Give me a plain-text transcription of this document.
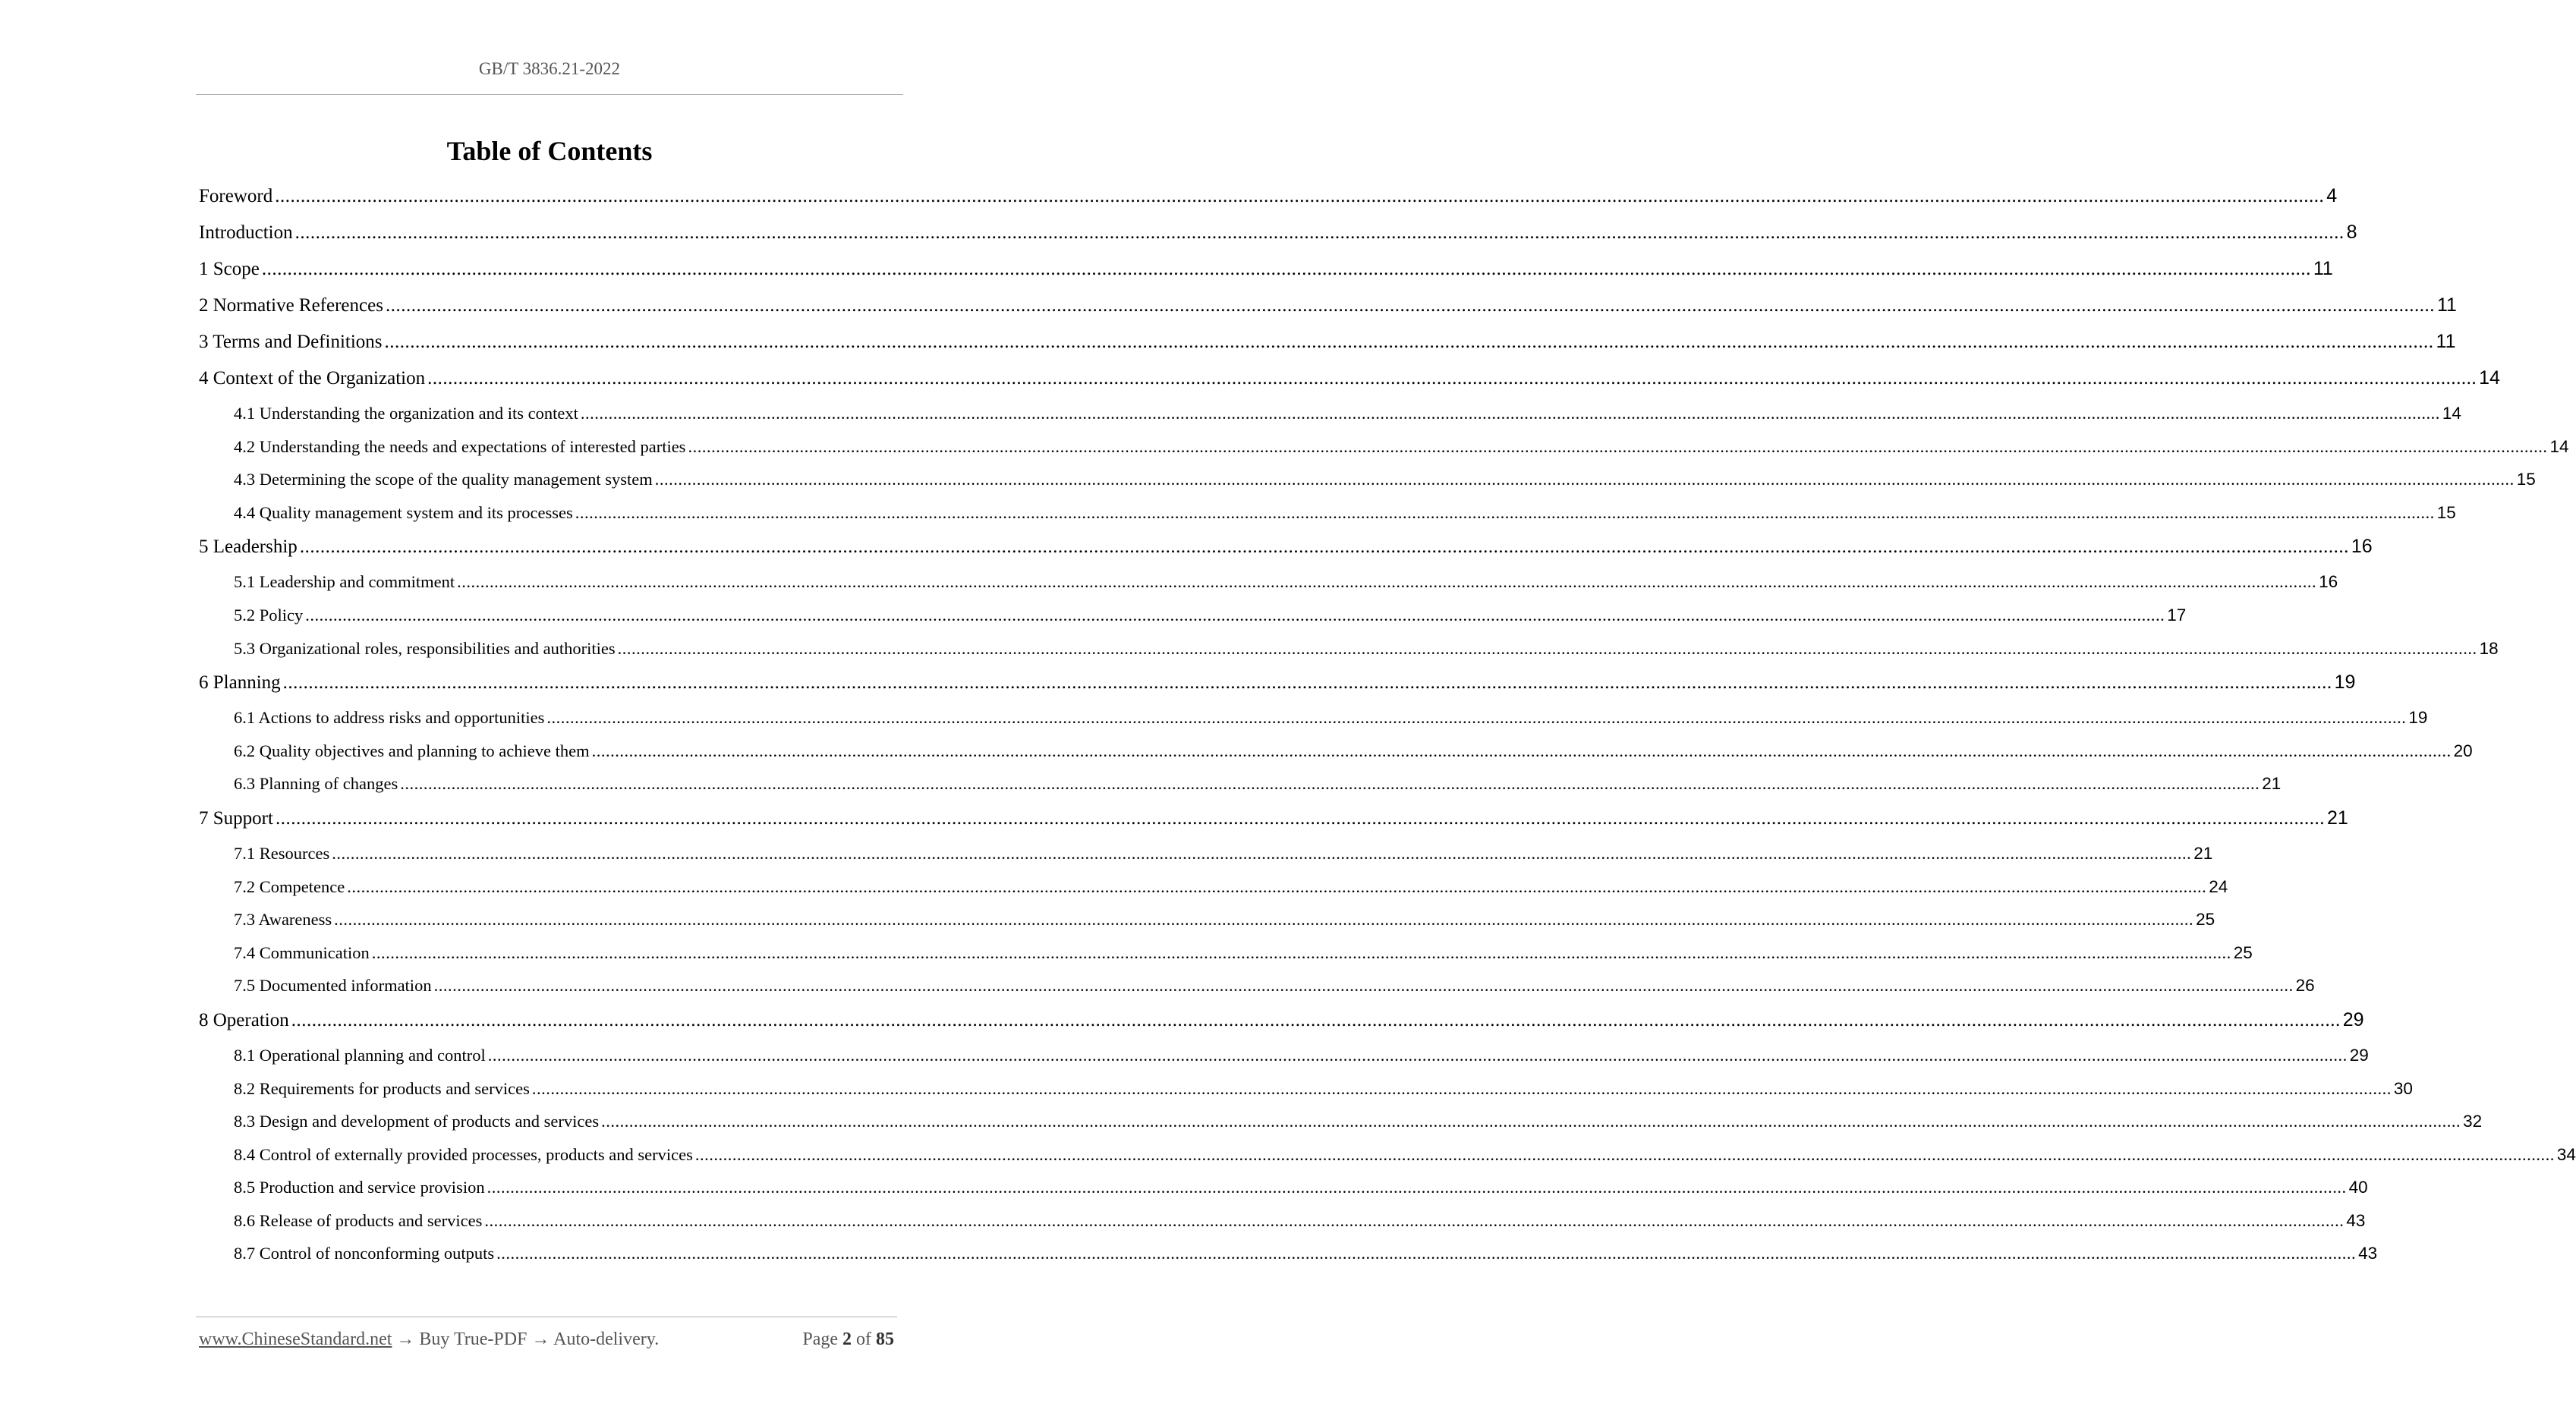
GB/T 3836.21-2022
Table of Contents
Foreword ................................................................................................................................................................................................................................................................................................................................................................................................................ 4
Introduction ................................................................................................................................................................................................................................................................................................................................................................................................................ 8
1 Scope ................................................................................................................................................................................................................................................................................................................................................................................................................ 11
2 Normative References ................................................................................................................................................................................................................................................................................................................................................................................................................ 11
3 Terms and Definitions ................................................................................................................................................................................................................................................................................................................................................................................................................ 11
4 Context of the Organization ................................................................................................................................................................................................................................................................................................................................................................................................................ 14
4.1 Understanding the organization and its context ................................................................................................................................................................................................................................................................................................................................................................................................................ 14
4.2 Understanding the needs and expectations of interested parties ................................................................................................................................................................................................................................................................................................................................................................................................................ 14
4.3 Determining the scope of the quality management system ................................................................................................................................................................................................................................................................................................................................................................................................................ 15
4.4 Quality management system and its processes ................................................................................................................................................................................................................................................................................................................................................................................................................ 15
5 Leadership ................................................................................................................................................................................................................................................................................................................................................................................................................ 16
5.1 Leadership and commitment ................................................................................................................................................................................................................................................................................................................................................................................................................ 16
5.2 Policy ................................................................................................................................................................................................................................................................................................................................................................................................................ 17
5.3 Organizational roles, responsibilities and authorities ................................................................................................................................................................................................................................................................................................................................................................................................................ 18
6 Planning ................................................................................................................................................................................................................................................................................................................................................................................................................ 19
6.1 Actions to address risks and opportunities ................................................................................................................................................................................................................................................................................................................................................................................................................ 19
6.2 Quality objectives and planning to achieve them ................................................................................................................................................................................................................................................................................................................................................................................................................ 20
6.3 Planning of changes ................................................................................................................................................................................................................................................................................................................................................................................................................ 21
7 Support ................................................................................................................................................................................................................................................................................................................................................................................................................ 21
7.1 Resources ................................................................................................................................................................................................................................................................................................................................................................................................................ 21
7.2 Competence ................................................................................................................................................................................................................................................................................................................................................................................................................ 24
7.3 Awareness ................................................................................................................................................................................................................................................................................................................................................................................................................ 25
7.4 Communication ................................................................................................................................................................................................................................................................................................................................................................................................................ 25
7.5 Documented information ................................................................................................................................................................................................................................................................................................................................................................................................................ 26
8 Operation ................................................................................................................................................................................................................................................................................................................................................................................................................ 29
8.1 Operational planning and control ................................................................................................................................................................................................................................................................................................................................................................................................................ 29
8.2 Requirements for products and services ................................................................................................................................................................................................................................................................................................................................................................................................................ 30
8.3 Design and development of products and services ................................................................................................................................................................................................................................................................................................................................................................................................................ 32
8.4 Control of externally provided processes, products and services ................................................................................................................................................................................................................................................................................................................................................................................................................ 34
8.5 Production and service provision ................................................................................................................................................................................................................................................................................................................................................................................................................ 40
8.6 Release of products and services ................................................................................................................................................................................................................................................................................................................................................................................................................ 43
8.7 Control of nonconforming outputs ................................................................................................................................................................................................................................................................................................................................................................................................................ 43
www.ChineseStandard.net → Buy True-PDF → Auto-delivery.	Page 2 of 85
